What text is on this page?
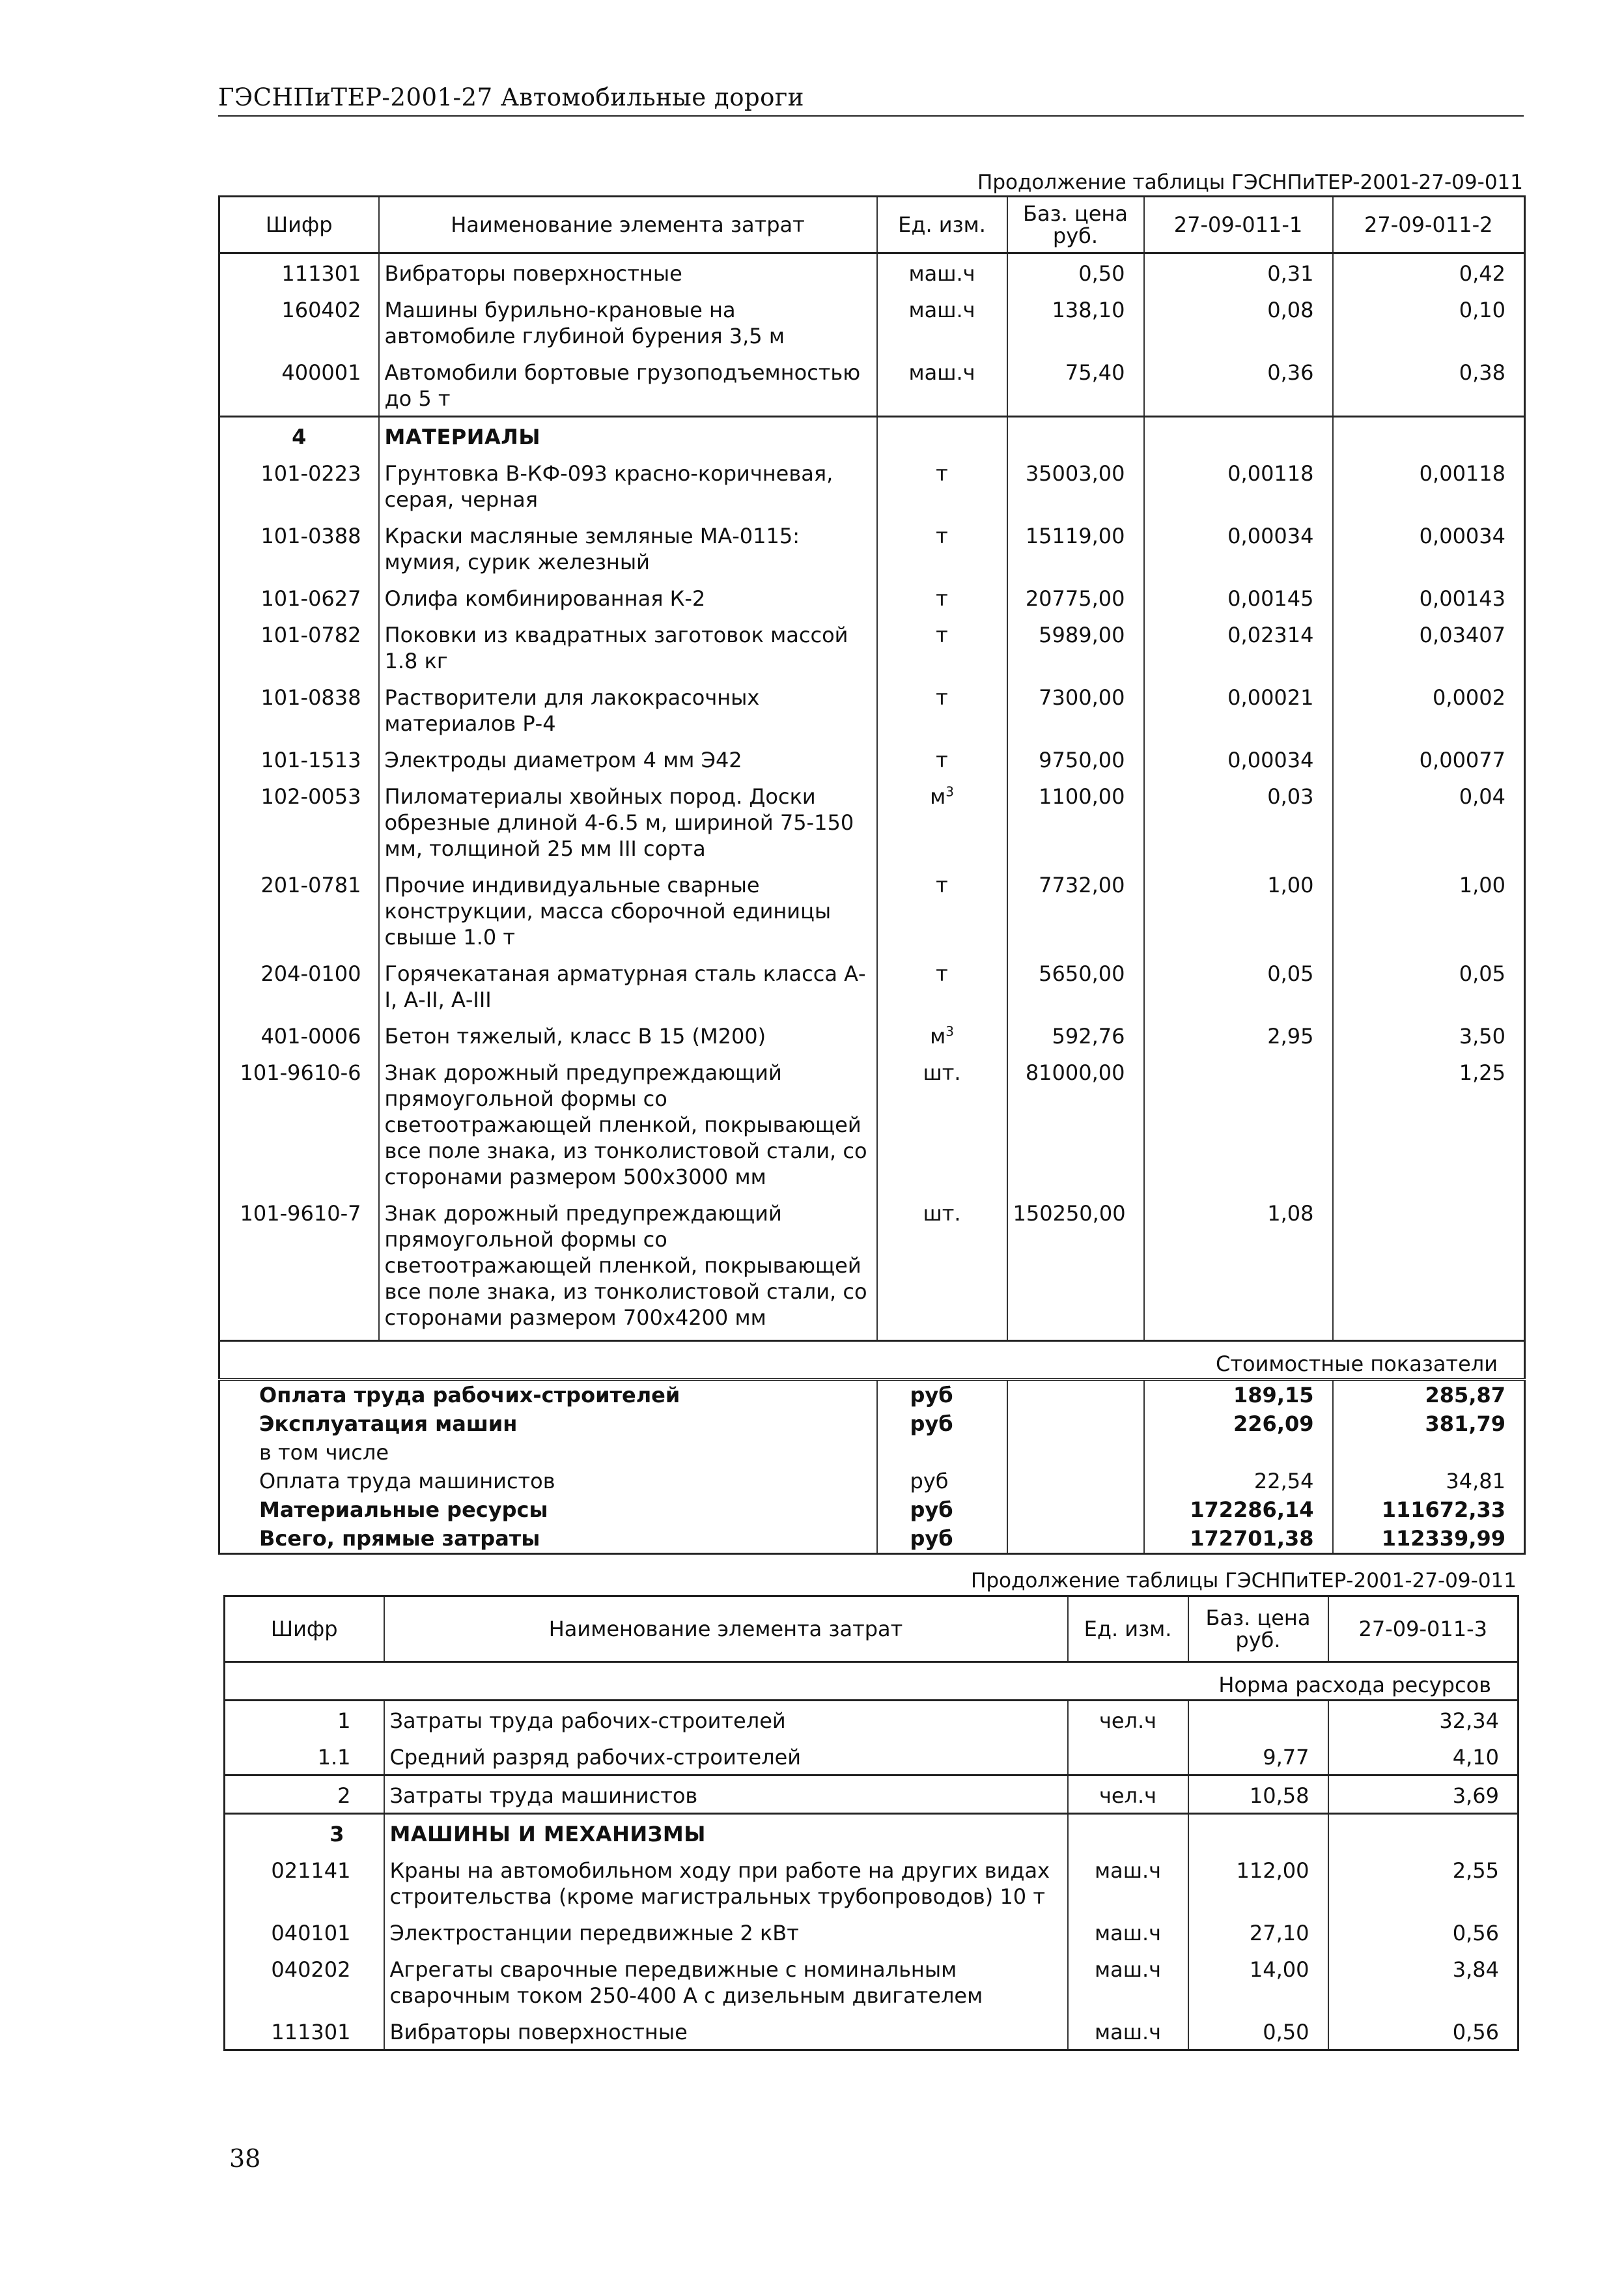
ГЭСНПиТЕР-2001-27 Автомобильные дороги
Продолжение таблицы ГЭСНПиТЕР-2001-27-09-011
Шифр	Наименование элемента затрат	Ед. изм.	Баз. цена руб.	27-09-011-1	27-09-011-2
111301	Вибраторы поверхностные	маш.ч	0,50	0,31	0,42
160402	Машины бурильно-крановые на автомобиле глубиной бурения 3,5 м	маш.ч	138,10	0,08	0,10
400001	Автомобили бортовые грузоподъемностью до 5 т	маш.ч	75,40	0,36	0,38
4	МАТЕРИАЛЫ				
101-0223	Грунтовка В-КФ-093 красно-коричневая, серая, черная	т	35003,00	0,00118	0,00118
101-0388	Краски масляные земляные МА-0115: мумия, сурик железный	т	15119,00	0,00034	0,00034
101-0627	Олифа комбинированная К-2	т	20775,00	0,00145	0,00143
101-0782	Поковки из квадратных заготовок массой 1.8 кг	т	5989,00	0,02314	0,03407
101-0838	Растворители для лакокрасочных материалов Р-4	т	7300,00	0,00021	0,0002
101-1513	Электроды диаметром 4 мм Э42	т	9750,00	0,00034	0,00077
102-0053	Пиломатериалы хвойных пород. Доски обрезные длиной 4-6.5 м, шириной 75-150 мм, толщиной 25 мм III сорта	$м^3$	1100,00	0,03	0,04
201-0781	Прочие индивидуальные сварные конструкции, масса сборочной единицы свыше 1.0 т	т	7732,00	1,00	1,00
204-0100	Горячекатаная арматурная сталь класса А-I, А-II, А-III	т	5650,00	0,05	0,05
401-0006	Бетон тяжелый, класс В 15 (М200)	$м^3$	592,76	2,95	3,50
101-9610-6	Знак дорожный предупреждающий прямоугольной формы со светоотражающей пленкой, покрывающей все поле знака, из тонколистовой стали, со сторонами размером 500х3000 мм	шт.	81000,00		1,25
101-9610-7	Знак дорожный предупреждающий прямоугольной формы со светоотражающей пленкой, покрывающей все поле знака, из тонколистовой стали, со сторонами размером 700х4200 мм	шт.	150250,00	1,08	
Стоимостные показатели					
Оплата труда рабочих-строителей		руб		189,15	285,87
Эксплуатация машин		руб		226,09	381,79
в том числе					
Оплата труда машинистов		руб		22,54	34,81
Материальные ресурсы		руб		172286,14	111672,33
Всего, прямые затраты		руб		172701,38	112339,99
Продолжение таблицы ГЭСНПиТЕР-2001-27-09-011
Шифр	Наименование элемента затрат	Ед. изм.	Баз. цена руб.	27-09-011-3
Норма расхода ресурсов				
1	Затраты труда рабочих-строителей	чел.ч		32,34
1.1	Средний разряд рабочих-строителей		9,77	4,10
2	Затраты труда машинистов	чел.ч	10,58	3,69
3	МАШИНЫ И МЕХАНИЗМЫ			
021141	Краны на автомобильном ходу при работе на других видах строительства (кроме магистральных трубопроводов) 10 т	маш.ч	112,00	2,55
040101	Электростанции передвижные 2 кВт	маш.ч	27,10	0,56
040202	Агрегаты сварочные передвижные с номинальным сварочным током 250-400 А с дизельным двигателем	маш.ч	14,00	3,84
111301	Вибраторы поверхностные	маш.ч	0,50	0,56
38
